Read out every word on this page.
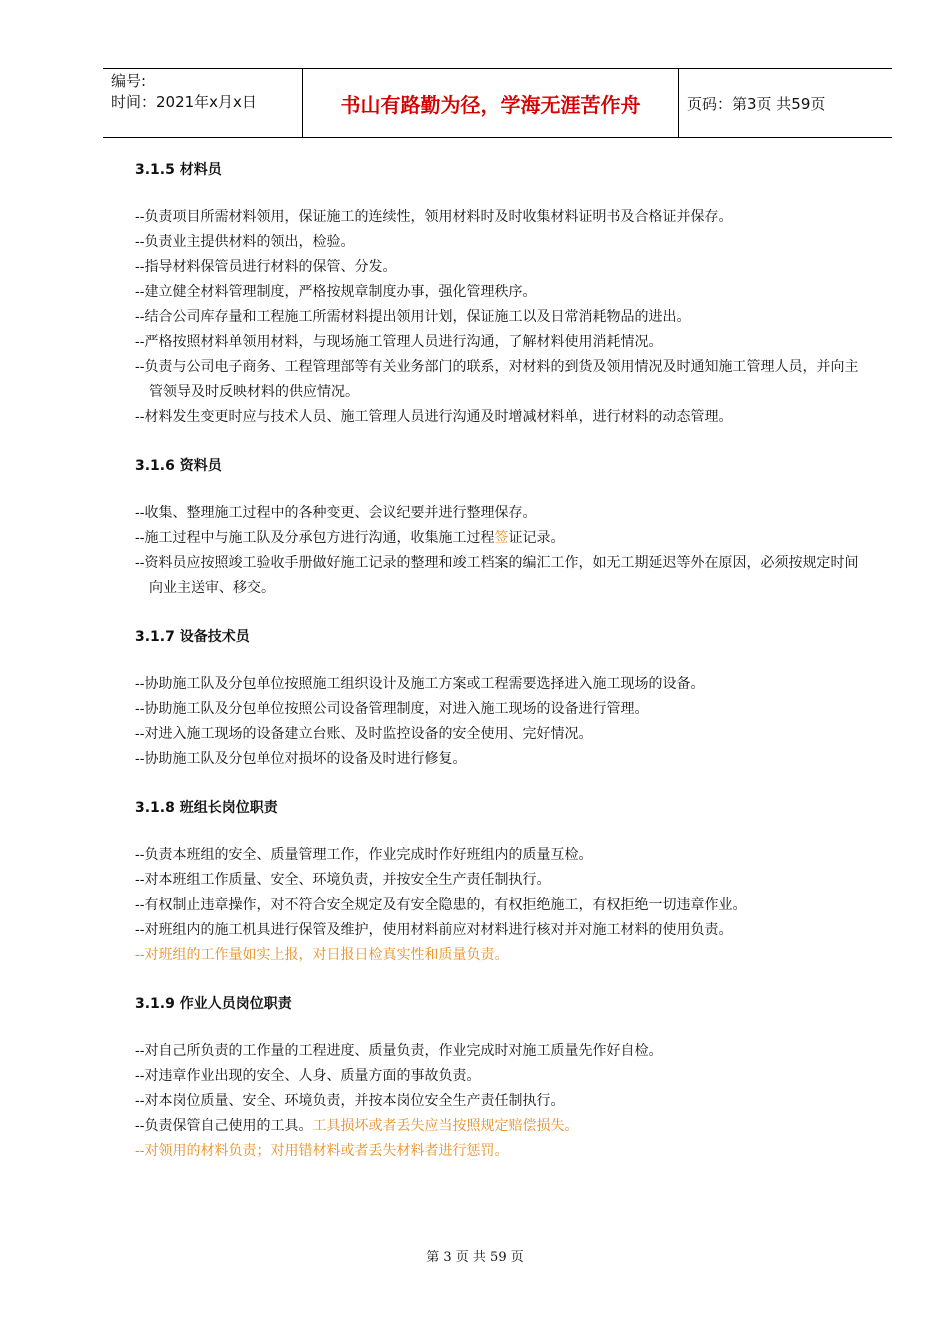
编号:
时间：2021年x月x日	书山有路勤为径，学海无涯苦作舟	页码：第3页 共59页
3.1.5 材料员
--负责项目所需材料领用，保证施工的连续性，领用材料时及时收集材料证明书及合格证并保存。
--负责业主提供材料的领出，检验。
--指导材料保管员进行材料的保管、分发。
--建立健全材料管理制度，严格按规章制度办事，强化管理秩序。
--结合公司库存量和工程施工所需材料提出领用计划，保证施工以及日常消耗物品的进出。
--严格按照材料单领用材料，与现场施工管理人员进行沟通，了解材料使用消耗情况。
--负责与公司电子商务、工程管理部等有关业务部门的联系，对材料的到货及领用情况及时通知施工管理人员，并向主管领导及时反映材料的供应情况。
--材料发生变更时应与技术人员、施工管理人员进行沟通及时增减材料单，进行材料的动态管理。
3.1.6 资料员
--收集、整理施工过程中的各种变更、会议纪要并进行整理保存。
--施工过程中与施工队及分承包方进行沟通，收集施工过程签证记录。
--资料员应按照竣工验收手册做好施工记录的整理和竣工档案的编汇工作，如无工期延迟等外在原因，必须按规定时间向业主送审、移交。
3.1.7 设备技术员
--协助施工队及分包单位按照施工组织设计及施工方案或工程需要选择进入施工现场的设备。
--协助施工队及分包单位按照公司设备管理制度，对进入施工现场的设备进行管理。
--对进入施工现场的设备建立台账、及时监控设备的安全使用、完好情况。
--协助施工队及分包单位对损坏的设备及时进行修复。
3.1.8 班组长岗位职责
--负责本班组的安全、质量管理工作，作业完成时作好班组内的质量互检。
--对本班组工作质量、安全、环境负责，并按安全生产责任制执行。
--有权制止违章操作，对不符合安全规定及有安全隐患的，有权拒绝施工，有权拒绝一切违章作业。
--对班组内的施工机具进行保管及维护，使用材料前应对材料进行核对并对施工材料的使用负责。
--对班组的工作量如实上报，对日报日检真实性和质量负责。
3.1.9 作业人员岗位职责
--对自己所负责的工作量的工程进度、质量负责，作业完成时对施工质量先作好自检。
--对违章作业出现的安全、人身、质量方面的事故负责。
--对本岗位质量、安全、环境负责，并按本岗位安全生产责任制执行。
--负责保管自己使用的工具。工具损坏或者丢失应当按照规定赔偿损失。
--对领用的材料负责；对用错材料或者丢失材料者进行惩罚。
第 3 页 共 59 页
